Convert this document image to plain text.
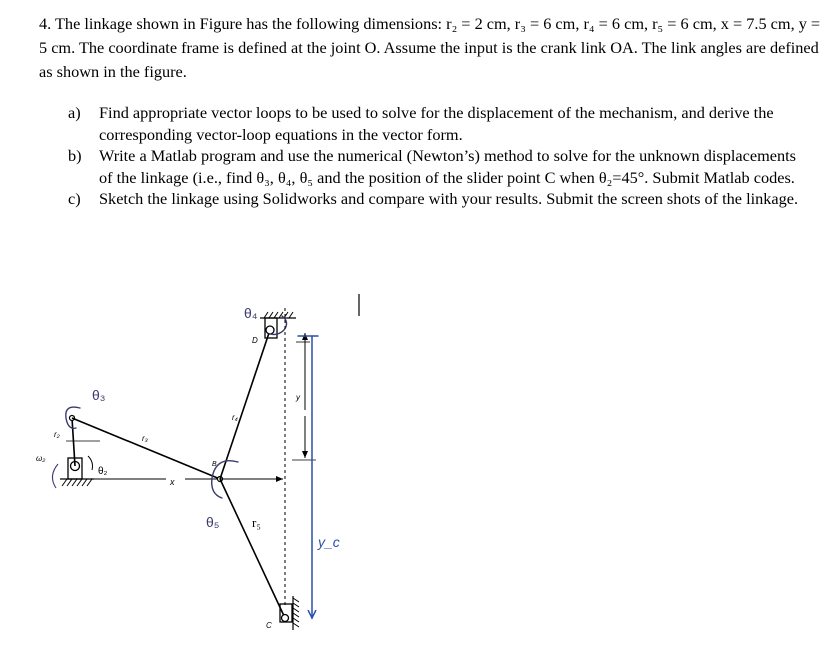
4. The linkage shown in Figure has the following dimensions: r₂ = 2 cm, r₃ = 6 cm, r₄ = 6 cm, r₅ = 6 cm, x = 7.5 cm, y = 5 cm. The coordinate frame is defined at the joint O. Assume the input is the crank link OA. The link angles are defined as shown in the figure.

a)	Find appropriate vector loops to be used to solve for the displacement of the mechanism, and derive the corresponding vector-loop equations in the vector form.
b)	Write a Matlab program and use the numerical (Newton’s) method to solve for the unknown displacements of the linkage (i.e., find θ₃, θ₄, θ₅ and the position of the slider point C when θ₂=45°. Submit Matlab codes.
c)	Sketch the linkage using Solidworks and compare with your results. Submit the screen shots of the linkage.
x
r₂
θ₂
ω₂
r₃
θ₃
B
r₄
r₅
θ₅
D
θ₄
y
C
y_c
